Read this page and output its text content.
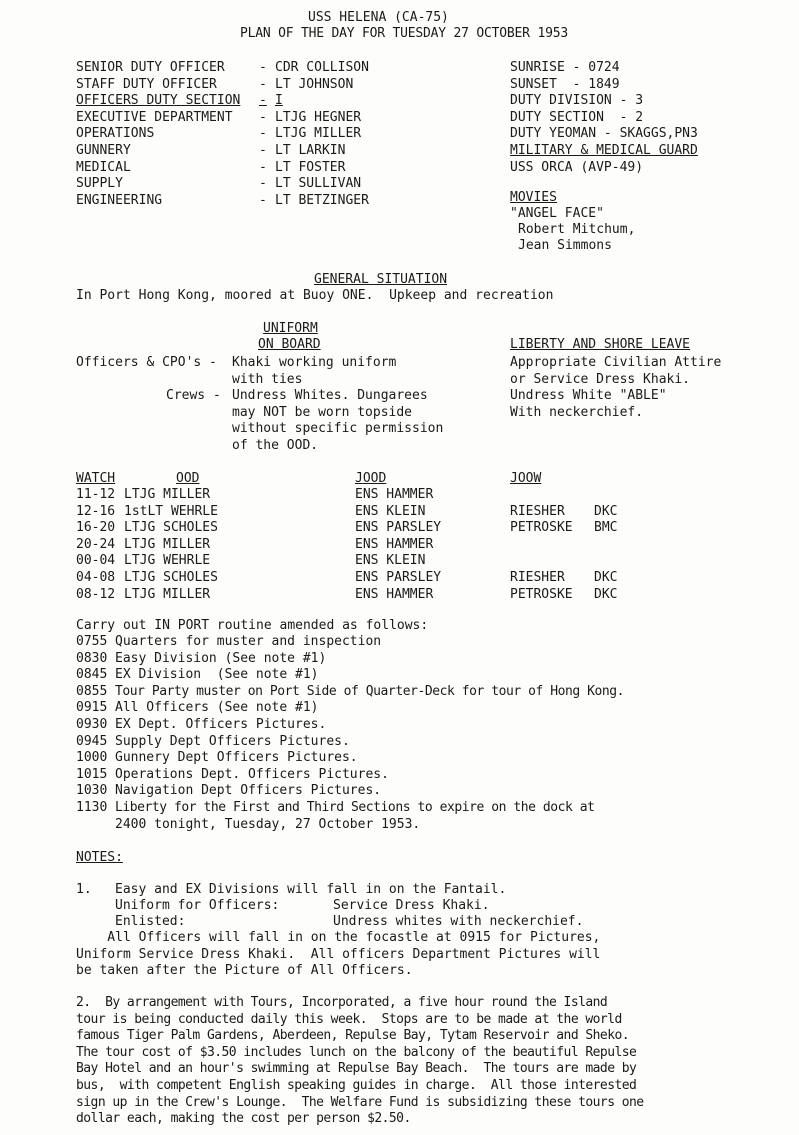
USS HELENA (CA-75)
PLAN OF THE DAY FOR TUESDAY 27 OCTOBER 1953
SENIOR DUTY OFFICER	- CDR COLLISON
STAFF DUTY OFFICER	- LT JOHNSON
OFFICERS DUTY SECTION - I
EXECUTIVE DEPARTMENT - LTJG HEGNER
OPERATIONS	- LTJG MILLER
GUNNERY	- LT LARKIN
MEDICAL	- LT FOSTER
SUPPLY	- LT SULLIVAN
ENGINEERING	- LT BETZINGER
SUNRISE - 0724
SUNSET  - 1849
DUTY DIVISION - 3
DUTY SECTION  - 2
DUTY YEOMAN - SKAGGS,PN3
MILITARY & MEDICAL GUARD
USS ORCA (AVP-49)
MOVIES
"ANGEL FACE"
Robert Mitchum,
Jean Simmons
GENERAL SITUATION
In Port Hong Kong, moored at Buoy ONE.  Upkeep and recreation
UNIFORM
ON BOARD
Officers & CPO's - Khaki working uniform
with ties
Crews - Undress Whites. Dungarees
may NOT be worn topside
without specific permission
of the OOD.
LIBERTY AND SHORE LEAVE
Appropriate Civilian Attire
or Service Dress Khaki.
Undress White "ABLE"
With neckerchief.
WATCH	OOD	JOOD	JOOW
11-12 LTJG MILLER	ENS HAMMER
12-16 1stLT WEHRLE	ENS KLEIN	RIESHER DKC
16-20 LTJG SCHOLES	ENS PARSLEY	PETROSKE BMC
20-24 LTJG MILLER	ENS HAMMER
00-04 LTJG WEHRLE	ENS KLEIN
04-08 LTJG SCHOLES	ENS PARSLEY	RIESHER DKC
08-12 LTJG MILLER	ENS HAMMER	PETROSKE DKC
Carry out IN PORT routine amended as follows:
0755 Quarters for muster and inspection
0830 Easy Division (See note #1)
0845 EX Division  (See note #1)
0855 Tour Party muster on Port Side of Quarter-Deck for tour of Hong Kong.
0915 All Officers (See note #1)
0930 EX Dept. Officers Pictures.
0945 Supply Dept Officers Pictures.
1000 Gunnery Dept Officers Pictures.
1015 Operations Dept. Officers Pictures.
1030 Navigation Dept Officers Pictures.
1130 Liberty for the First and Third Sections to expire on the dock at
2400 tonight, Tuesday, 27 October 1953.
NOTES:
1. Easy and EX Divisions will fall in on the Fantail.
Uniform for Officers:	Service Dress Khaki.
Enlisted:	Undress whites with neckerchief.
All Officers will fall in on the focastle at 0915 for Pictures,
Uniform Service Dress Khaki.  All officers Department Pictures will
be taken after the Picture of All Officers.
2.  By arrangement with Tours, Incorporated, a five hour round the Island
tour is being conducted daily this week.  Stops are to be made at the world
famous Tiger Palm Gardens, Aberdeen, Repulse Bay, Tytam Reservoir and Sheko.
The tour cost of $3.50 includes lunch on the balcony of the beautiful Repulse
Bay Hotel and an hour's swimming at Repulse Bay Beach.  The tours are made by
bus,  with competent English speaking guides in charge.  All those interested
sign up in the Crew's Lounge.  The Welfare Fund is subsidizing these tours one
dollar each, making the cost per person $2.50.
